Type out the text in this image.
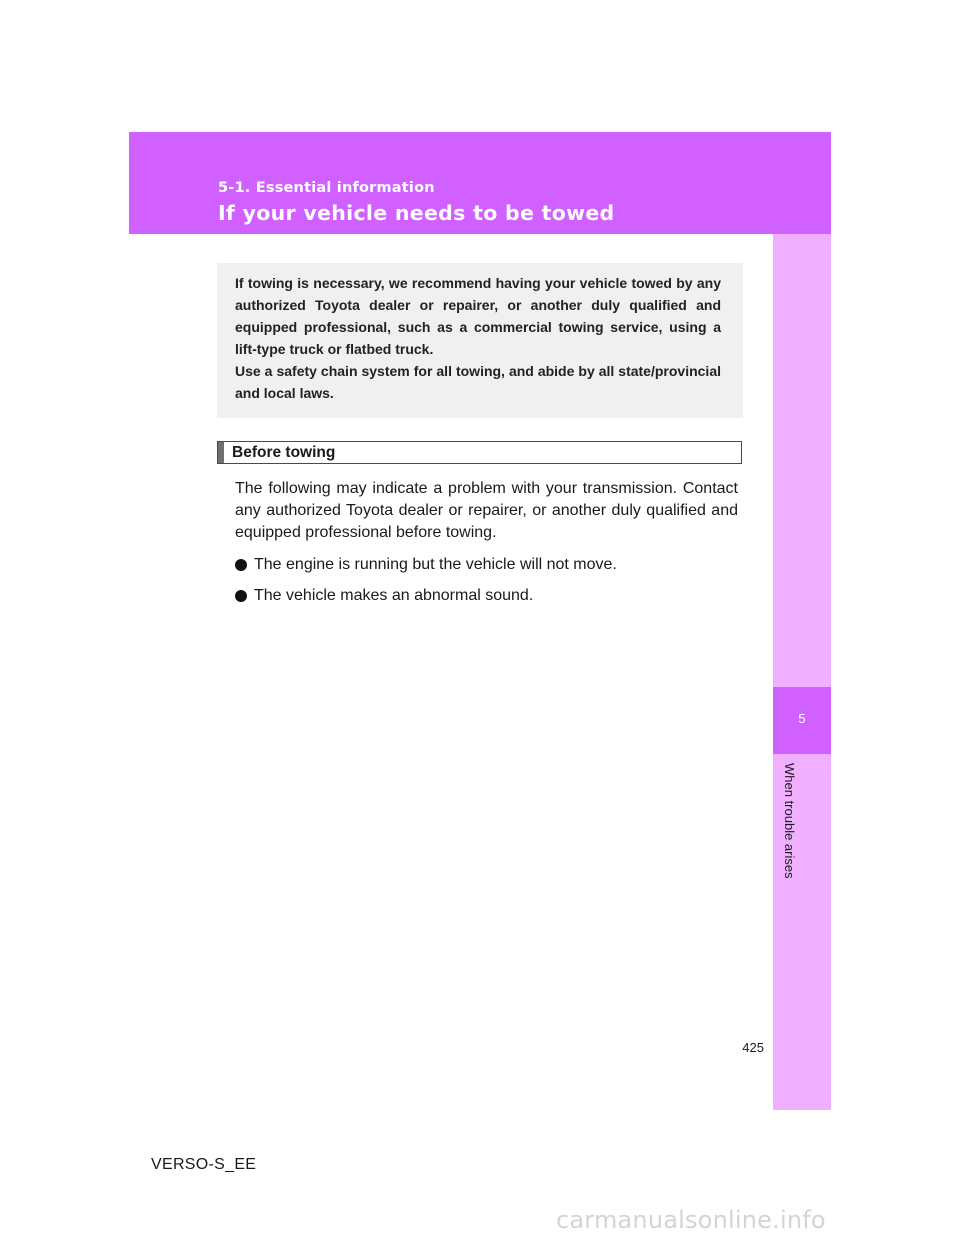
5-1. Essential information
If your vehicle needs to be towed
5
When trouble arises

If towing is necessary, we recommend having your vehicle towed by any authorized Toyota dealer or repairer, or another duly qualified and equipped professional, such as a commercial towing service, using a lift-type truck or flatbed truck.

Use a safety chain system for all towing, and abide by all state/provincial and local laws.

Before towing

The following may indicate a problem with your transmission. Contact any authorized Toyota dealer or repairer, or another duly qualified and equipped professional before towing.

The engine is running but the vehicle will not move.
The vehicle makes an abnormal sound.
425
VERSO-S_EE
carmanualsonline.info
